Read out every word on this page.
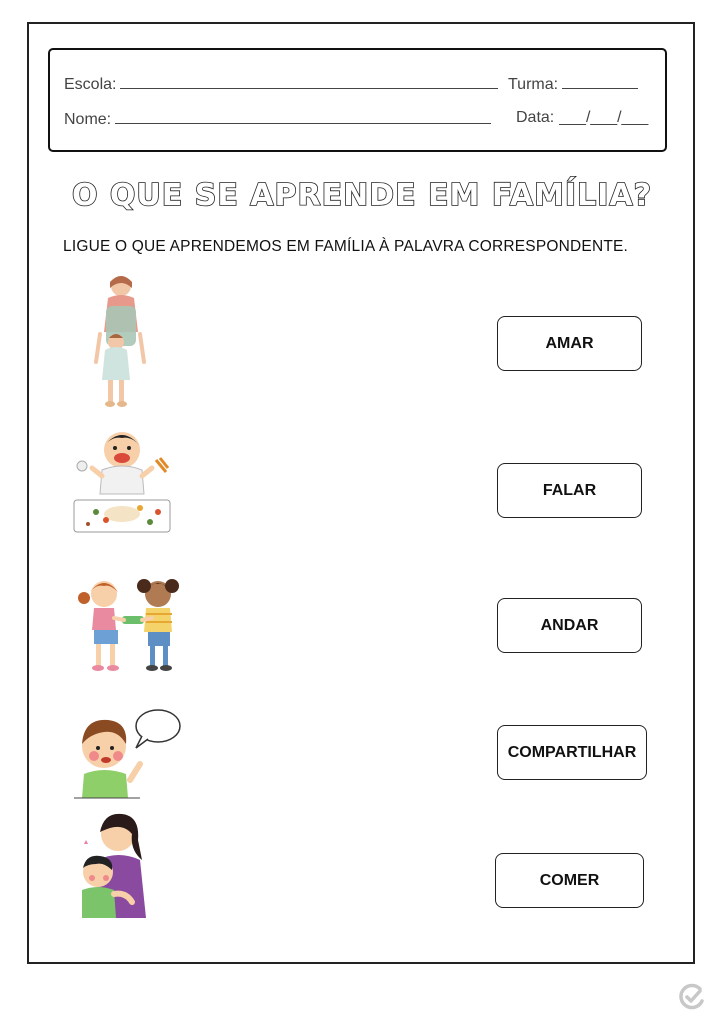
Escola:	Turma:
Nome:	Data: ___/___/___
O QUE SE APRENDE EM FAMÍLIA?
LIGUE O QUE APRENDEMOS EM FAMÍLIA À PALAVRA CORRESPONDENTE.
AMAR
FALAR
ANDAR
COMPARTILHAR
COMER
